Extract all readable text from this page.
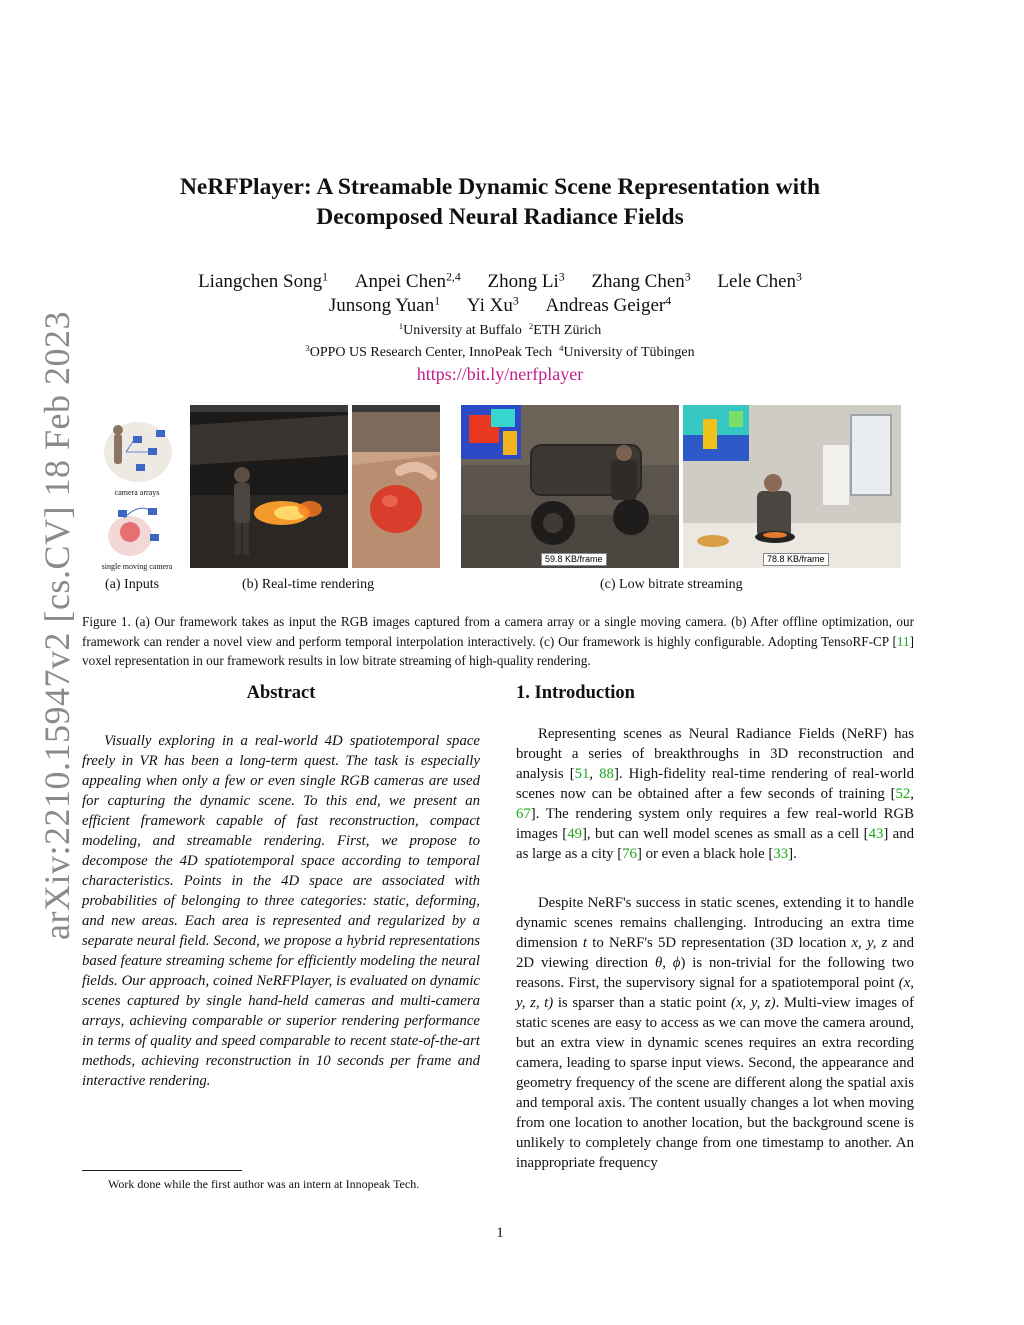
arXiv:2210.15947v2 [cs.CV] 18 Feb 2023
NeRFPlayer: A Streamable Dynamic Scene Representation with
Decomposed Neural Radiance Fields
Liangchen Song$^1$ Anpei Chen$^{2,4}$ Zhong Li$^3$ Zhang Chen$^3$ Lele Chen$^3$
Junsong Yuan$^1$ Yi Xu$^3$ Andreas Geiger$^4$
$^1$University at Buffalo $^2$ETH Zürich
$^3$OPPO US Research Center, InnoPeak Tech $^4$University of Tübingen
https://bit.ly/nerfplayer
camera arrays
single moving camera
59.8 KB/frame	78.8 KB/frame
(a) Inputs	(b) Real-time rendering	(c) Low bitrate streaming
Figure 1. (a) Our framework takes as input the RGB images captured from a camera array or a single moving camera. (b) After offline optimization, our framework can render a novel view and perform temporal interpolation interactively. (c) Our framework is highly configurable. Adopting TensoRF-CP [11] voxel representation in our framework results in low bitrate streaming of high-quality rendering.
Abstract

Visually exploring in a real-world 4D spatiotemporal space freely in VR has been a long-term quest. The task is especially appealing when only a few or even single RGB cameras are used for capturing the dynamic scene. To this end, we present an efficient framework capable of fast reconstruction, compact modeling, and streamable rendering. First, we propose to decompose the 4D spatiotemporal space according to temporal characteristics. Points in the 4D space are associated with probabilities of belonging to three categories: static, deforming, and new areas. Each area is represented and regularized by a separate neural field. Second, we propose a hybrid representations based feature streaming scheme for efficiently modeling the neural fields. Our approach, coined NeRFPlayer, is evaluated on dynamic scenes captured by single hand-held cameras and multi-camera arrays, achieving comparable or superior rendering performance in terms of quality and speed comparable to recent state-of-the-art methods, achieving reconstruction in 10 seconds per frame and interactive rendering.

1. Introduction

Representing scenes as Neural Radiance Fields (NeRF) has brought a series of breakthroughs in 3D reconstruction and analysis [51, 88]. High-fidelity real-time rendering of real-world scenes now can be obtained after a few seconds of training [52, 67]. The rendering system only requires a few real-world RGB images [49], but can well model scenes as small as a cell [43] and as large as a city [76] or even a black hole [33].

Despite NeRF's success in static scenes, extending it to handle dynamic scenes remains challenging. Introducing an extra time dimension t to NeRF's 5D representation (3D location x, y, z and 2D viewing direction θ, ϕ) is non-trivial for the following two reasons. First, the supervisory signal for a spatiotemporal point (x, y, z, t) is sparser than a static point (x, y, z). Multi-view images of static scenes are easy to access as we can move the camera around, but an extra view in dynamic scenes requires an extra recording camera, leading to sparse input views. Second, the appearance and geometry frequency of the scene are different along the spatial axis and temporal axis. The content usually changes a lot when moving from one location to another location, but the background scene is unlikely to completely change from one timestamp to another. An inappropriate frequency

Work done while the first author was an intern at Innopeak Tech.
1
